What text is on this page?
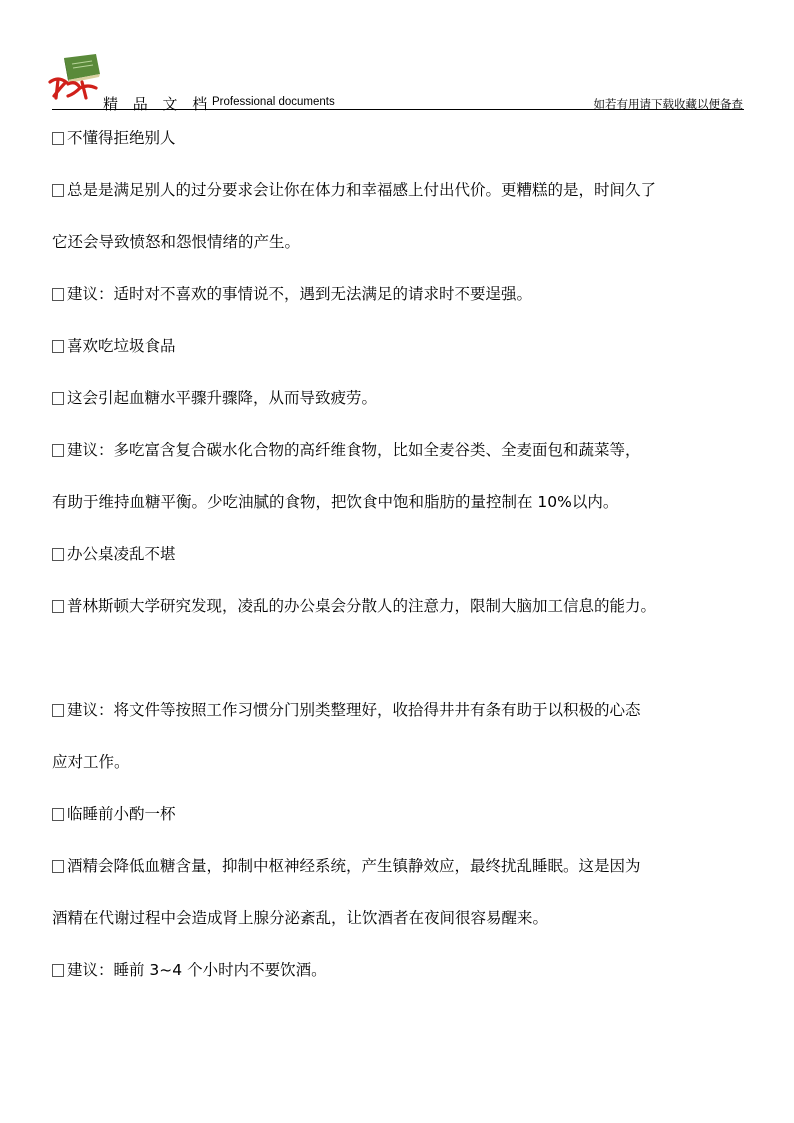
精 品 文 档 Professional documents	如若有用请下载收藏以便备查

不懂得拒绝别人

总是是满足别人的过分要求会让你在体力和幸福感上付出代价。更糟糕的是，时间久了

它还会导致愤怒和怨恨情绪的产生。

建议：适时对不喜欢的事情说不，遇到无法满足的请求时不要逞强。

喜欢吃垃圾食品

这会引起血糖水平骤升骤降，从而导致疲劳。

建议：多吃富含复合碳水化合物的高纤维食物，比如全麦谷类、全麦面包和蔬菜等，

有助于维持血糖平衡。少吃油腻的食物，把饮食中饱和脂肪的量控制在 10%以内。

办公桌凌乱不堪

普林斯顿大学研究发现，凌乱的办公桌会分散人的注意力，限制大脑加工信息的能力。

建议：将文件等按照工作习惯分门别类整理好，收拾得井井有条有助于以积极的心态

应对工作。

临睡前小酌一杯

酒精会降低血糖含量，抑制中枢神经系统，产生镇静效应，最终扰乱睡眠。这是因为

酒精在代谢过程中会造成肾上腺分泌紊乱，让饮酒者在夜间很容易醒来。

建议：睡前 3~4 个小时内不要饮酒。
